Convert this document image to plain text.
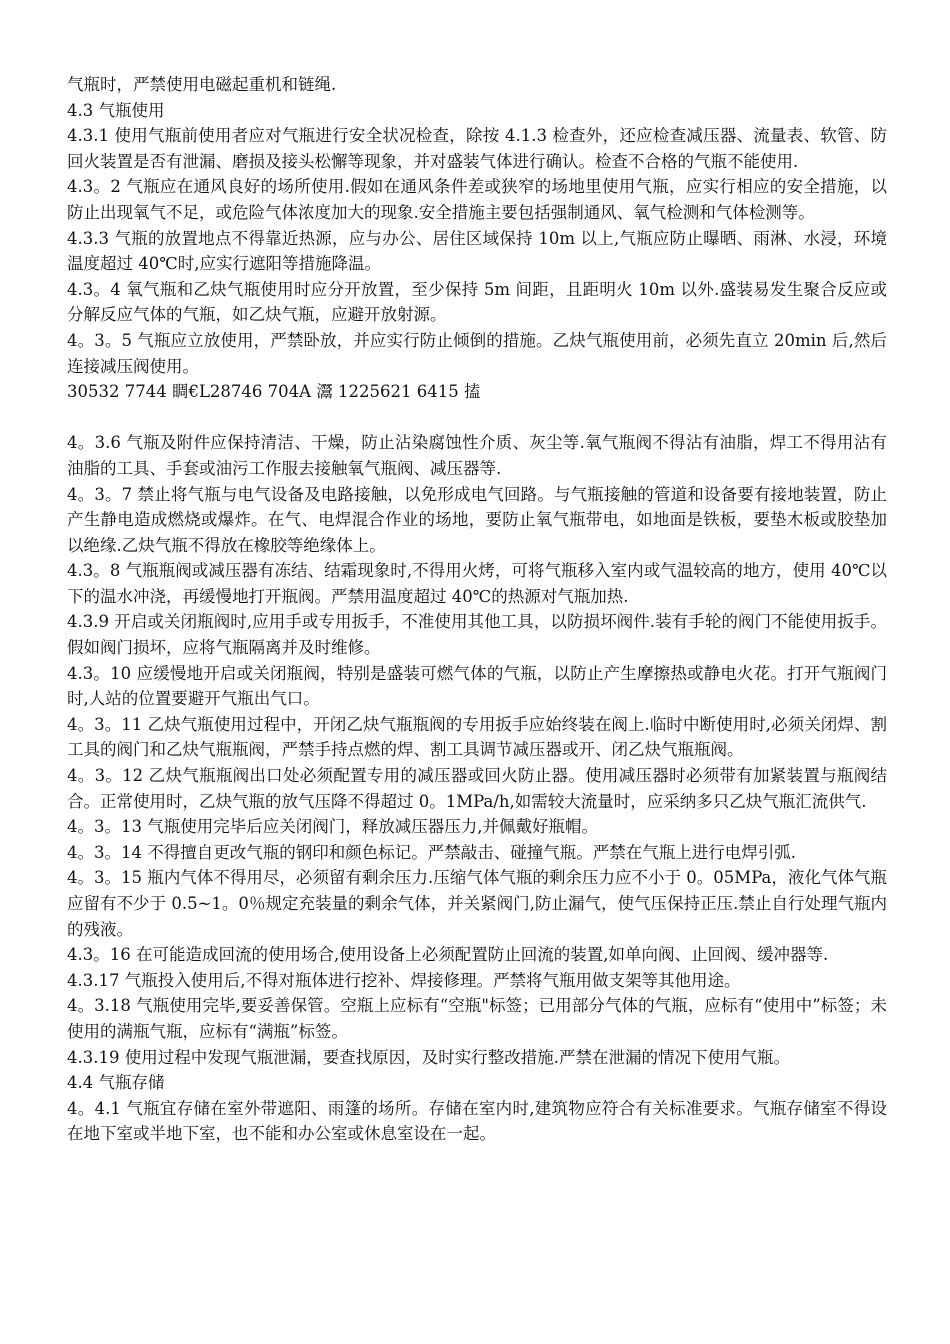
气瓶时，严禁使用电磁起重机和链绳.

4.3 气瓶使用

4.3.1 使用气瓶前使用者应对气瓶进行安全状况检查，除按 4.1.3 检查外，还应检查减压器、流量表、软管、防回火装置是否有泄漏、磨损及接头松懈等现象，并对盛装气体进行确认。检查不合格的气瓶不能使用.

4.3。2 气瓶应在通风良好的场所使用.假如在通风条件差或狭窄的场地里使用气瓶，应实行相应的安全措施，以防止出现氧气不足，或危险气体浓度加大的现象.安全措施主要包括强制通风、氧气检测和气体检测等。

4.3.3 气瓶的放置地点不得靠近热源，应与办公、居住区域保持 10m 以上,气瓶应防止曝晒、雨淋、水浸，环境温度超过 40℃时,应实行遮阳等措施降温。

4.3。4 氧气瓶和乙炔气瓶使用时应分开放置，至少保持 5m 间距，且距明火 10m 以外.盛装易发生聚合反应或分解反应气体的气瓶，如乙炔气瓶，应避开放射源。

4。3。5 气瓶应立放使用，严禁卧放，并应实行防止倾倒的措施。乙炔气瓶使用前，必须先直立 20min 后,然后连接减压阀使用。

30532 7744 睭€L28746 704A 灊 1225621 6415 搕

4。3.6 气瓶及附件应保持清洁、干燥，防止沾染腐蚀性介质、灰尘等.氧气瓶阀不得沾有油脂，焊工不得用沾有油脂的工具、手套或油污工作服去接触氧气瓶阀、减压器等.

4。3。7 禁止将气瓶与电气设备及电路接触，以免形成电气回路。与气瓶接触的管道和设备要有接地装置，防止产生静电造成燃烧或爆炸。在气、电焊混合作业的场地，要防止氧气瓶带电，如地面是铁板，要垫木板或胶垫加以绝缘.乙炔气瓶不得放在橡胶等绝缘体上。

4.3。8 气瓶瓶阀或减压器有冻结、结霜现象时,不得用火烤，可将气瓶移入室内或气温较高的地方，使用 40℃以下的温水冲浇，再缓慢地打开瓶阀。严禁用温度超过 40℃的热源对气瓶加热.

4.3.9 开启或关闭瓶阀时,应用手或专用扳手，不准使用其他工具，以防损坏阀件.装有手轮的阀门不能使用扳手。假如阀门损坏，应将气瓶隔离并及时维修。

4.3。10 应缓慢地开启或关闭瓶阀，特别是盛装可燃气体的气瓶，以防止产生摩擦热或静电火花。打开气瓶阀门时,人站的位置要避开气瓶出气口。

4。3。11 乙炔气瓶使用过程中，开闭乙炔气瓶瓶阀的专用扳手应始终装在阀上.临时中断使用时,必须关闭焊、割工具的阀门和乙炔气瓶瓶阀，严禁手持点燃的焊、割工具调节减压器或开、闭乙炔气瓶瓶阀。

4。3。12 乙炔气瓶瓶阀出口处必须配置专用的减压器或回火防止器。使用减压器时必须带有加紧装置与瓶阀结合。正常使用时，乙炔气瓶的放气压降不得超过 0。1MPa/h,如需较大流量时，应采纳多只乙炔气瓶汇流供气.

4。3。13 气瓶使用完毕后应关闭阀门，释放减压器压力,并佩戴好瓶帽。

4。3。14 不得擅自更改气瓶的钢印和颜色标记。严禁敲击、碰撞气瓶。严禁在气瓶上进行电焊引弧.

4。3。15 瓶内气体不得用尽，必须留有剩余压力.压缩气体气瓶的剩余压力应不小于 0。05MPa，液化气体气瓶应留有不少于 0.5~1。0％规定充装量的剩余气体，并关紧阀门,防止漏气，使气压保持正压.禁止自行处理气瓶内的残液。

4.3。16 在可能造成回流的使用场合,使用设备上必须配置防止回流的装置,如单向阀、止回阀、缓冲器等.

4.3.17 气瓶投入使用后,不得对瓶体进行挖补、焊接修理。严禁将气瓶用做支架等其他用途。

4。3.18 气瓶使用完毕,要妥善保管。空瓶上应标有“空瓶"标签；已用部分气体的气瓶，应标有“使用中”标签；未使用的满瓶气瓶，应标有“满瓶”标签。

4.3.19 使用过程中发现气瓶泄漏，要查找原因，及时实行整改措施.严禁在泄漏的情况下使用气瓶。

4.4 气瓶存储

4。4.1 气瓶宜存储在室外带遮阳、雨篷的场所。存储在室内时,建筑物应符合有关标准要求。气瓶存储室不得设在地下室或半地下室，也不能和办公室或休息室设在一起。
